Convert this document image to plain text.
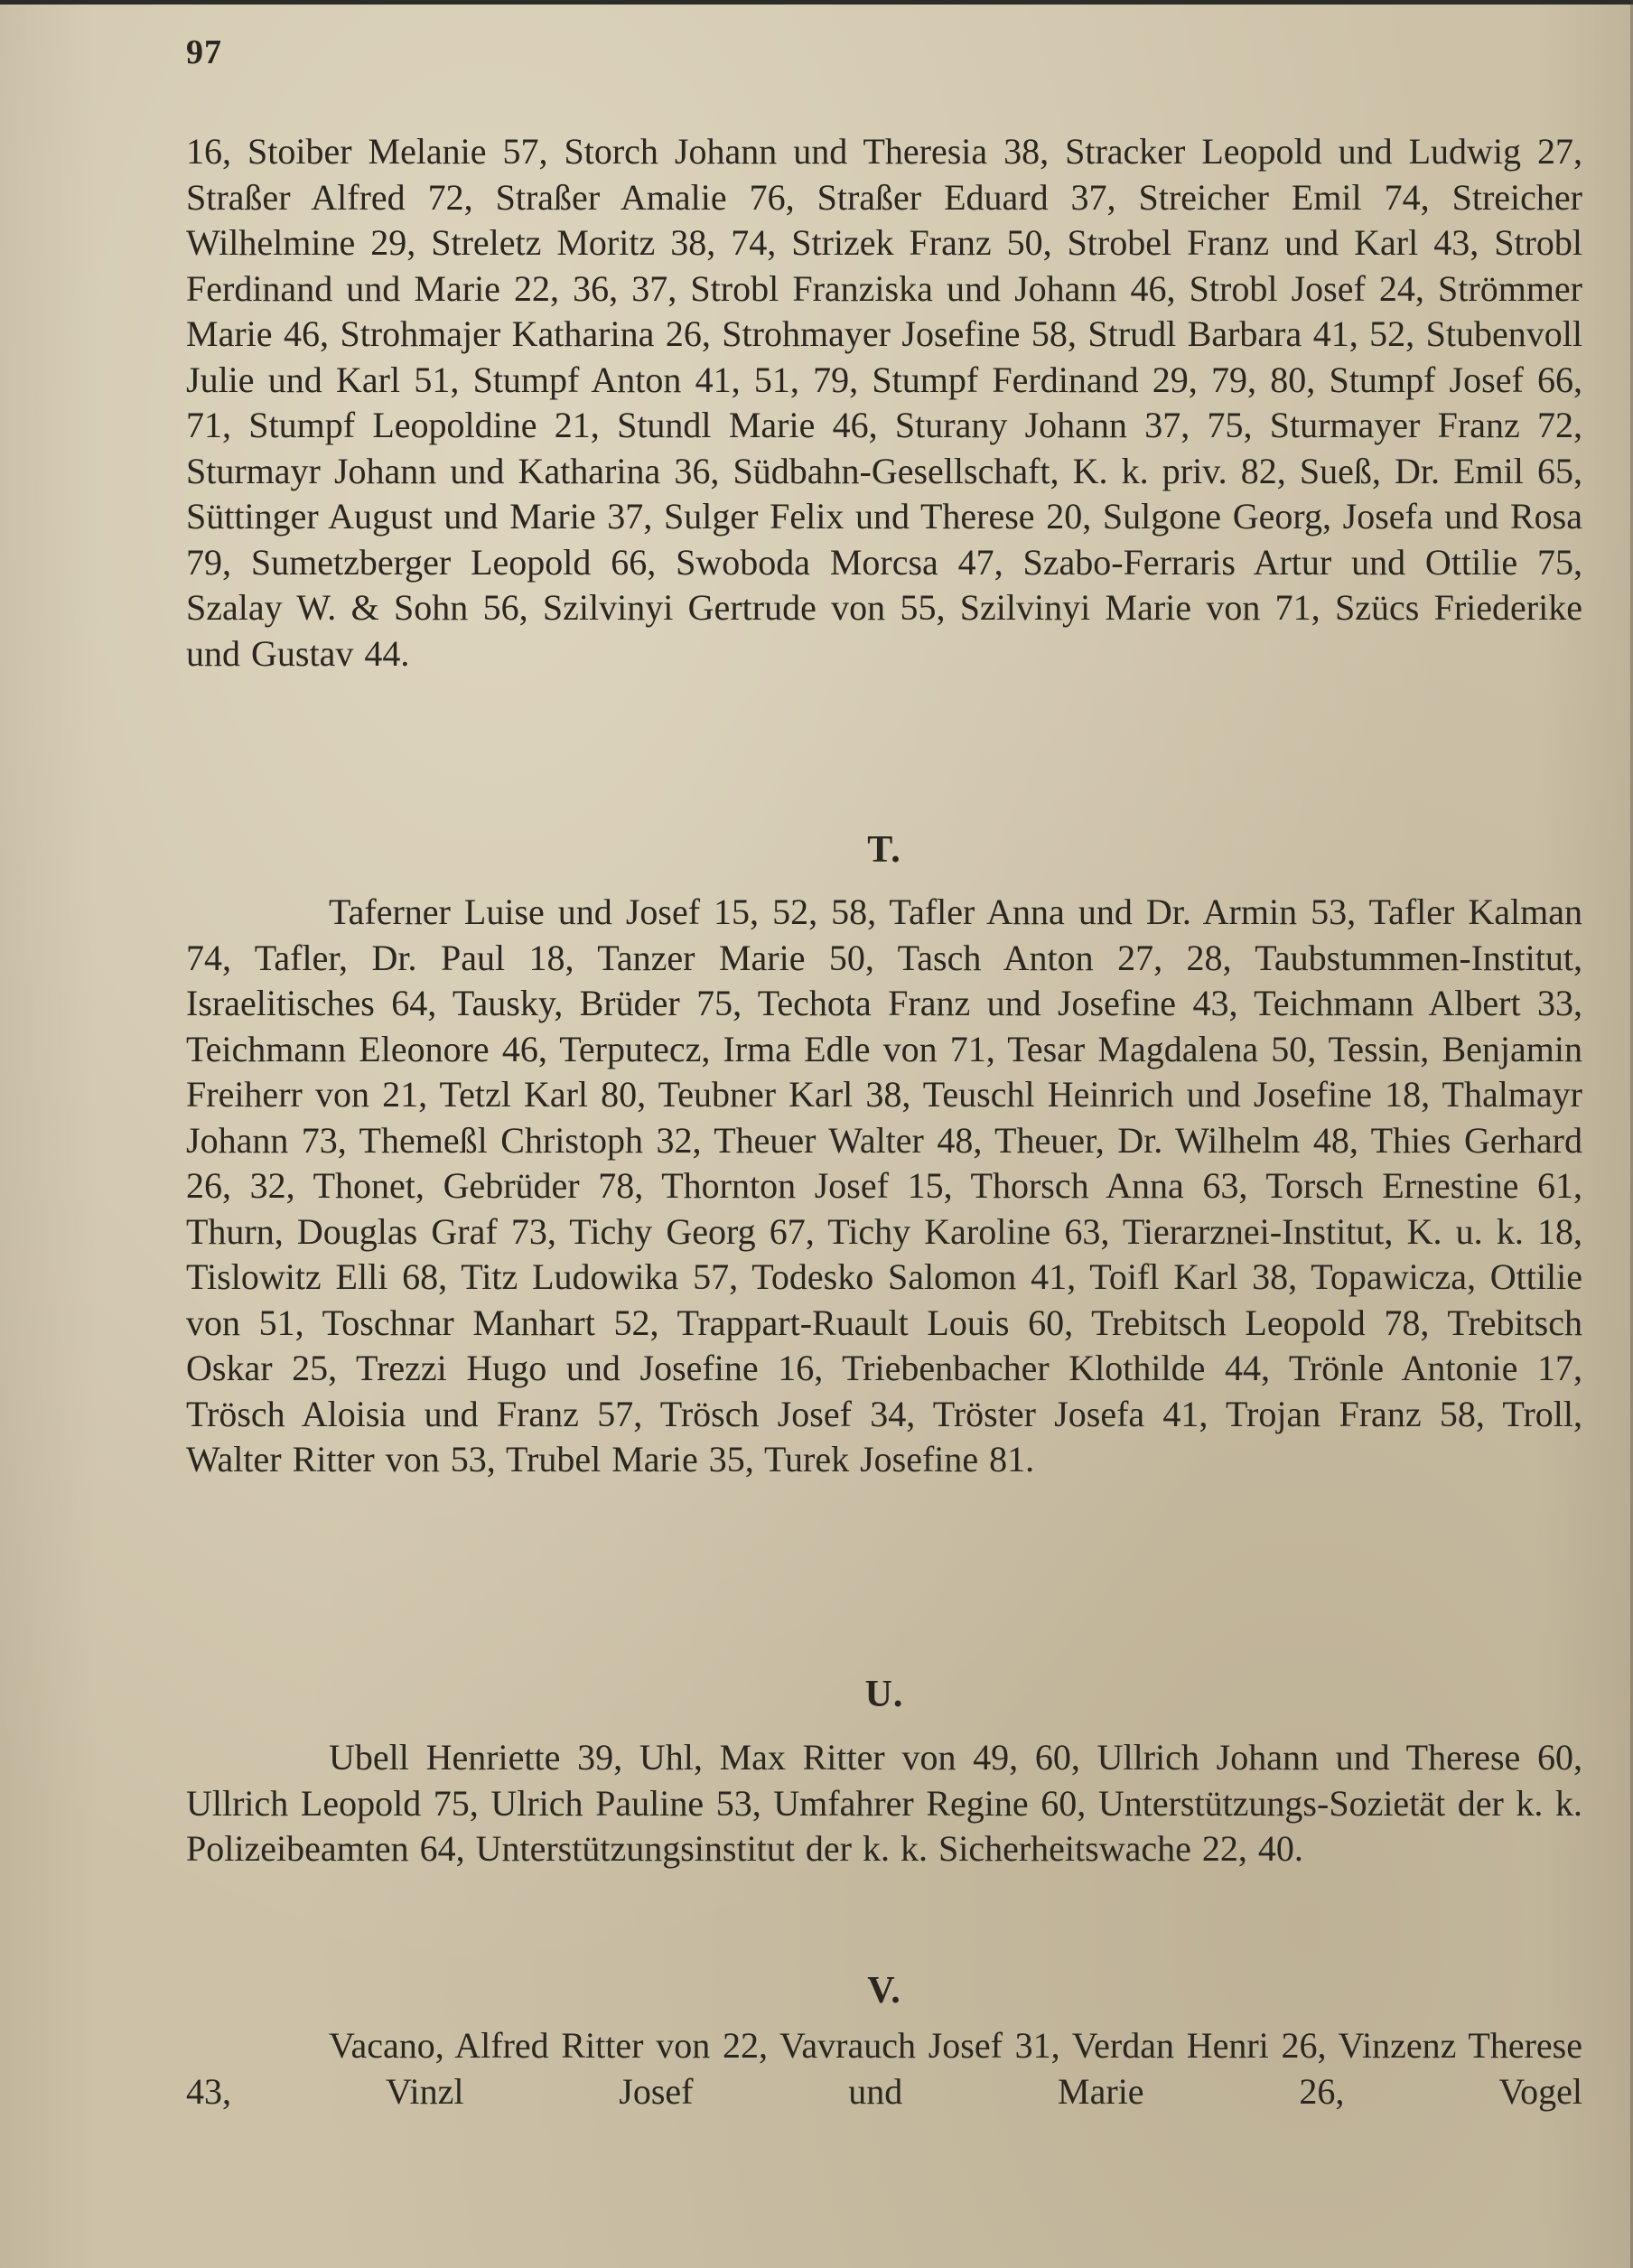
97

16, Stoiber Melanie 57, Storch Johann und Theresia 38, Stracker Leopold und Ludwig 27, Straßer Alfred 72, Straßer Amalie 76, Straßer Eduard 37, Streicher Emil 74, Streicher Wilhelmine 29, Streletz Moritz 38, 74, Strizek Franz 50, Strobel Franz und Karl 43, Strobl Ferdinand und Marie 22, 36, 37, Strobl Franziska und Johann 46, Strobl Josef 24, Strömmer Marie 46, Strohmajer Katharina 26, Strohmayer Josefine 58, Strudl Barbara 41, 52, Stubenvoll Julie und Karl 51, Stumpf Anton 41, 51, 79, Stumpf Ferdinand 29, 79, 80, Stumpf Josef 66, 71, Stumpf Leopoldine 21, Stundl Marie 46, Sturany Johann 37, 75, Sturmayer Franz 72, Sturmayr Johann und Katharina 36, Südbahn-Gesellschaft, K. k. priv. 82, Sueß, Dr. Emil 65, Süttinger August und Marie 37, Sulger Felix und Therese 20, Sulgone Georg, Josefa und Rosa 79, Sumetzberger Leopold 66, Swoboda Morcsa 47, Szabo-Ferraris Artur und Ottilie 75, Szalay W. & Sohn 56, Szilvinyi Gertrude von 55, Szilvinyi Marie von 71, Szücs Friederike und Gustav 44.

T.

Taferner Luise und Josef 15, 52, 58, Tafler Anna und Dr. Armin 53, Tafler Kalman 74, Tafler, Dr. Paul 18, Tanzer Marie 50, Tasch Anton 27, 28, Taubstummen-Institut, Israelitisches 64, Tausky, Brüder 75, Techota Franz und Josefine 43, Teichmann Albert 33, Teichmann Eleonore 46, Terputecz, Irma Edle von 71, Tesar Magdalena 50, Tessin, Benjamin Freiherr von 21, Tetzl Karl 80, Teubner Karl 38, Teuschl Heinrich und Josefine 18, Thalmayr Johann 73, Themeßl Christoph 32, Theuer Walter 48, Theuer, Dr. Wilhelm 48, Thies Gerhard 26, 32, Thonet, Gebrüder 78, Thornton Josef 15, Thorsch Anna 63, Torsch Ernestine 61, Thurn, Douglas Graf 73, Tichy Georg 67, Tichy Karoline 63, Tierarznei-Institut, K. u. k. 18, Tislowitz Elli 68, Titz Ludowika 57, Todesko Salomon 41, Toifl Karl 38, Topawicza, Ottilie von 51, Toschnar Manhart 52, Trappart-Ruault Louis 60, Trebitsch Leopold 78, Trebitsch Oskar 25, Trezzi Hugo und Josefine 16, Triebenbacher Klothilde 44, Trönle Antonie 17, Trösch Aloisia und Franz 57, Trösch Josef 34, Tröster Josefa 41, Trojan Franz 58, Troll, Walter Ritter von 53, Trubel Marie 35, Turek Josefine 81.

U.

Ubell Henriette 39, Uhl, Max Ritter von 49, 60, Ullrich Johann und Therese 60, Ullrich Leopold 75, Ulrich Pauline 53, Umfahrer Regine 60, Unterstützungs-Sozietät der k. k. Polizeibeamten 64, Unterstützungsinstitut der k. k. Sicherheitswache 22, 40.

V.

Vacano, Alfred Ritter von 22, Vavrauch Josef 31, Verdan Henri 26, Vinzenz Therese 43, Vinzl Josef und Marie 26, Vogel
